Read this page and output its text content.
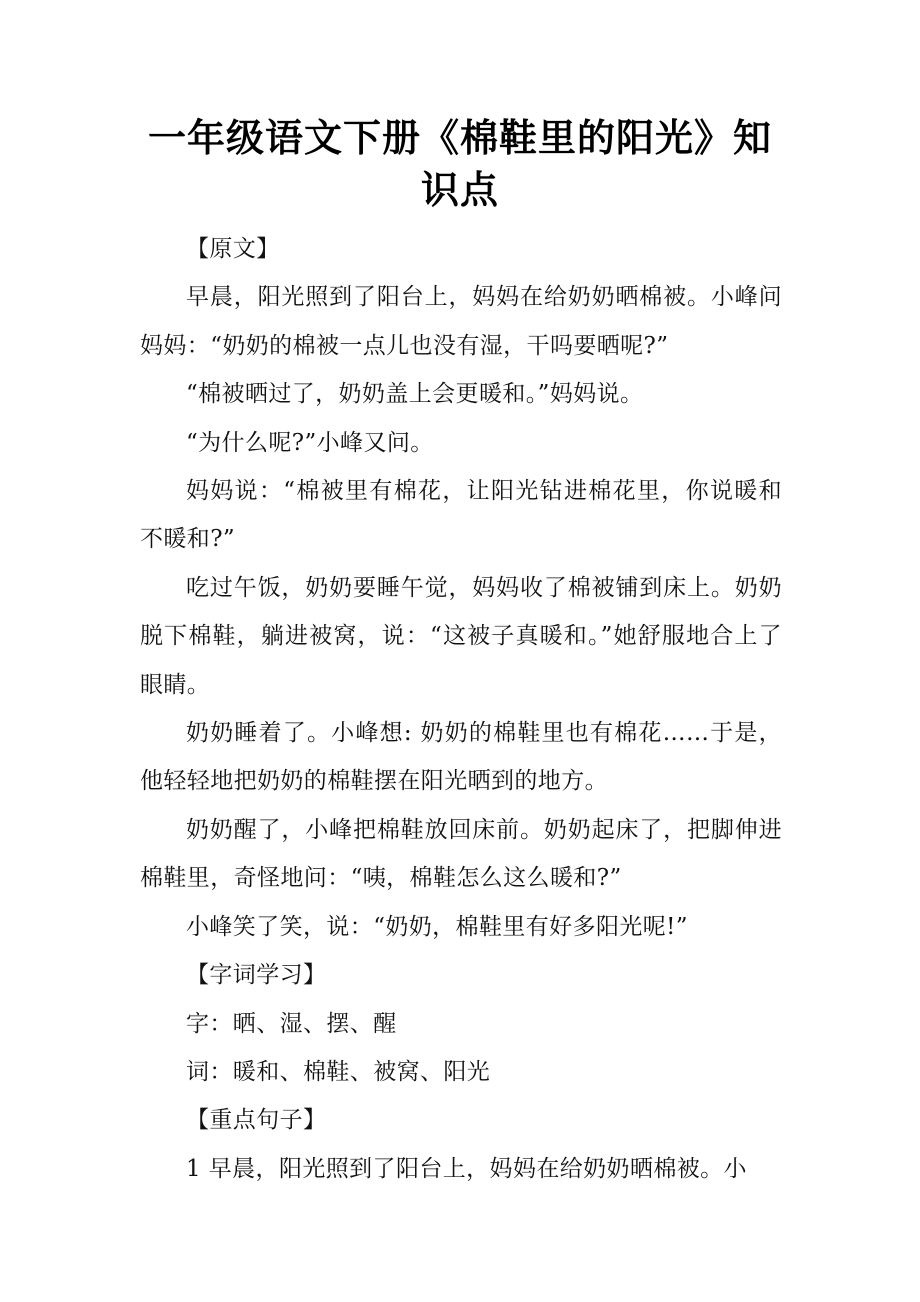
一年级语文下册《棉鞋里的阳光》知识点

【原文】

早晨，阳光照到了阳台上，妈妈在给奶奶晒棉被。小峰问妈妈：“奶奶的棉被一点儿也没有湿，干吗要晒呢?”

“棉被晒过了，奶奶盖上会更暖和。”妈妈说。

“为什么呢?”小峰又问。

妈妈说：“棉被里有棉花，让阳光钻进棉花里，你说暖和不暖和?”

吃过午饭，奶奶要睡午觉，妈妈收了棉被铺到床上。奶奶脱下棉鞋，躺进被窝，说：“这被子真暖和。”她舒服地合上了眼睛。

奶奶睡着了。小峰想: 奶奶的棉鞋里也有棉花……于是，他轻轻地把奶奶的棉鞋摆在阳光晒到的地方。

奶奶醒了，小峰把棉鞋放回床前。奶奶起床了，把脚伸进棉鞋里，奇怪地问：“咦，棉鞋怎么这么暖和?”

小峰笑了笑，说：“奶奶，棉鞋里有好多阳光呢!”

【字词学习】

字：晒、湿、摆、醒

词：暖和、棉鞋、被窝、阳光

【重点句子】

1 早晨，阳光照到了阳台上，妈妈在给奶奶晒棉被。小
